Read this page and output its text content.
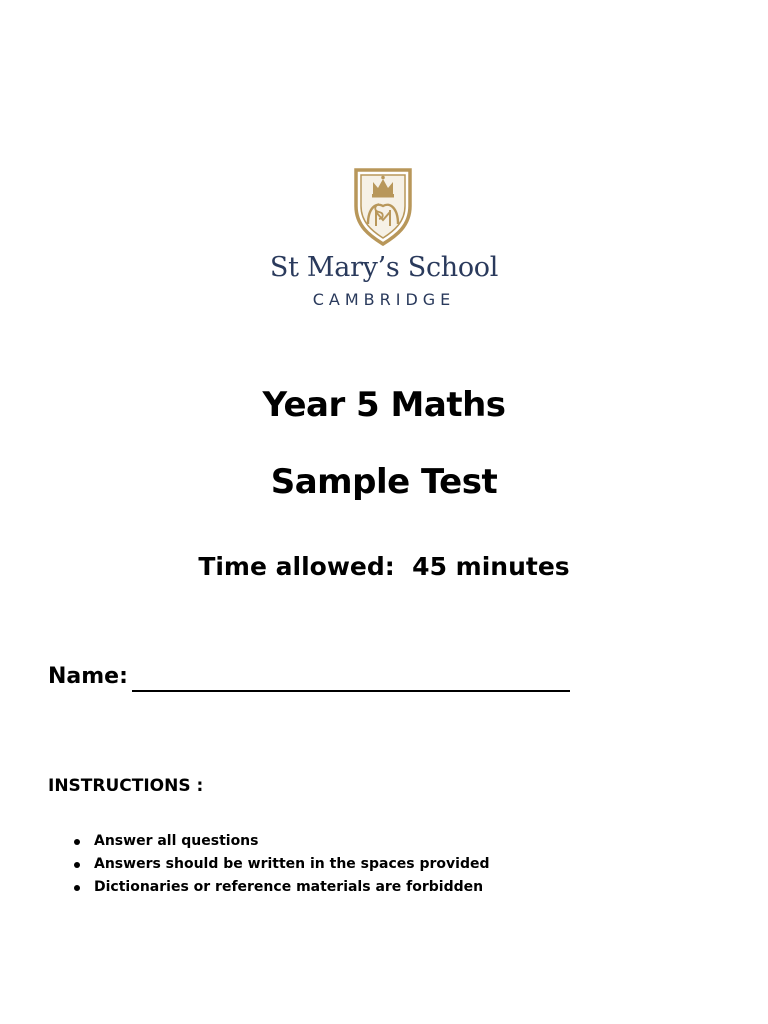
St Mary’s School
CAMBRIDGE
Year 5 Maths
Sample Test
Time allowed:  45 minutes
Name:
INSTRUCTIONS :
Answer all questions
Answers should be written in the spaces provided
Dictionaries or reference materials are forbidden
